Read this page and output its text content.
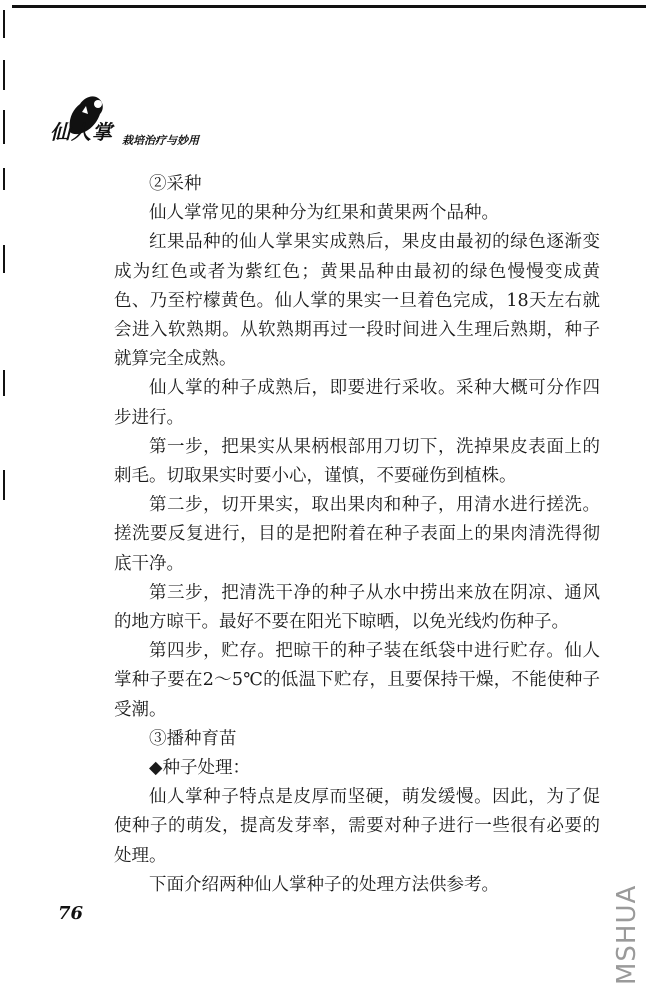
仙人掌 栽培治疗与妙用

②采种

仙人掌常见的果种分为红果和黄果两个品种。

红果品种的仙人掌果实成熟后，果皮由最初的绿色逐渐变成为红色或者为紫红色；黄果品种由最初的绿色慢慢变成黄色、乃至柠檬黄色。仙人掌的果实一旦着色完成，18天左右就会进入软熟期。从软熟期再过一段时间进入生理后熟期，种子就算完全成熟。

仙人掌的种子成熟后，即要进行采收。采种大概可分作四步进行。

第一步，把果实从果柄根部用刀切下，洗掉果皮表面上的刺毛。切取果实时要小心，谨慎，不要碰伤到植株。

第二步，切开果实，取出果肉和种子，用清水进行搓洗。搓洗要反复进行，目的是把附着在种子表面上的果肉清洗得彻底干净。

第三步，把清洗干净的种子从水中捞出来放在阴凉、通风的地方晾干。最好不要在阳光下晾晒，以免光线灼伤种子。

第四步，贮存。把晾干的种子装在纸袋中进行贮存。仙人掌种子要在2～5℃的低温下贮存，且要保持干燥，不能使种子受潮。

③播种育苗

◆种子处理：

仙人掌种子特点是皮厚而坚硬，萌发缓慢。因此，为了促使种子的萌发，提高发芽率，需要对种子进行一些很有必要的处理。

下面介绍两种仙人掌种子的处理方法供参考。

76	MSHUA
